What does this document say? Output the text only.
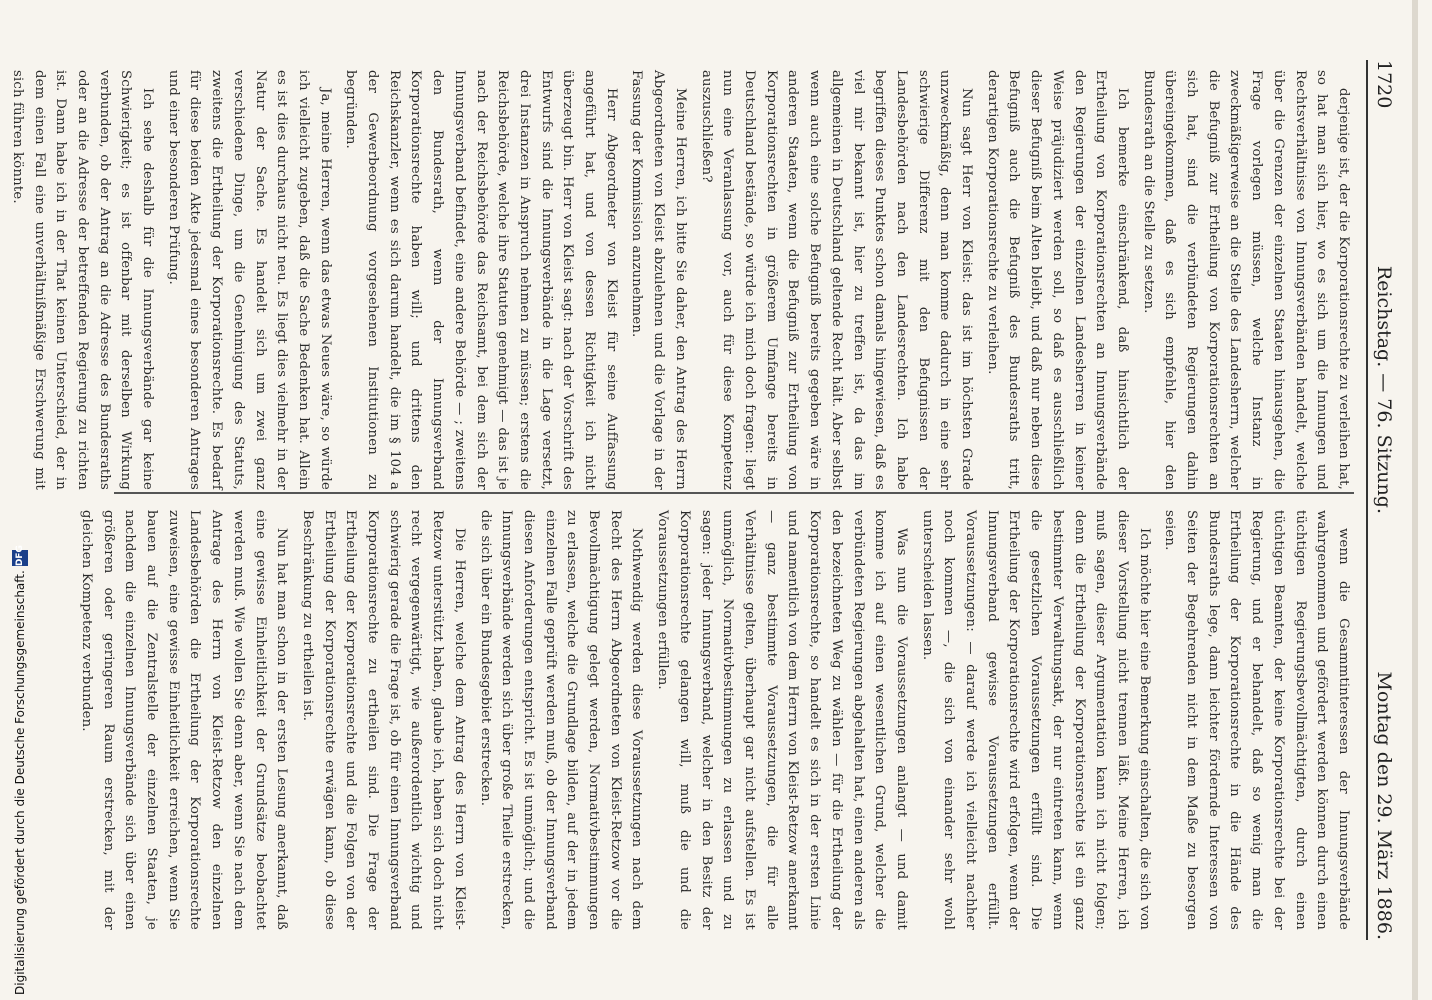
1720
Reichstag. — 76. Sitzung.
Montag den 29. März 1886.

derjenige ist, der die Korporationsrechte zu verleihen hat, so hat man sich hier, wo es sich um die Innungen und Rechtsverhältnisse von Innungsverbänden handelt, welche über die Grenzen der einzelnen Staaten hinausgehen, die Frage vorlegen müssen, welche Instanz in zweckmäßigerweise an die Stelle des Landesherrn, welcher die Befugniß zur Ertheilung von Korporationsrechten an sich hat, sind die verbündeten Regierungen dahin übereingekommen, daß es sich empfehle, hier den Bundesrath an die Stelle zu setzen.

Ich bemerke einschränkend, daß hinsichtlich der Ertheilung von Korporationsrechten an Innungsverbände den Regierungen der einzelnen Landesherren in keiner Weise präjudiziert werden soll, so daß es ausschließlich dieser Befugniß beim Alten bleibt, und daß nur neben diese Befugniß auch die Befugniß des Bundesraths tritt, derartigen Korporationsrechte zu verleihen.

Nun sagt Herr von Kleist: das ist im höchsten Grade unzweckmäßig, denn man komme dadurch in eine sehr schwierige Differenz mit den Befugnissen der Landesbehörden nach den Landesrechten. Ich habe begriffen dieses Punktes schon damals hingewiesen, daß es viel mir bekannt ist, hier zu treffen ist, da das im allgemeinen in Deutschland geltende Recht hält. Aber selbst wenn auch eine solche Befugniß bereits gegeben wäre in anderen Staaten, wenn die Befugniß zur Ertheilung von Korporationsrechten in größerem Umfange bereits in Deutschland bestände, so würde ich mich doch fragen: liegt nun eine Veranlassung vor, auch für diese Kompetenz auszuschließen?

Meine Herren, ich bitte Sie daher, den Antrag des Herrn Abgeordneten von Kleist abzulehnen und die Vorlage in der Fassung der Kommission anzunehmen.

Herr Abgeordneter von Kleist für seine Auffassung angeführt hat, und von dessen Richtigkeit ich nicht überzeugt bin. Herr von Kleist sagt: nach der Vorschrift des Entwurfs sind die Innungsverbände in die Lage versetzt, drei Instanzen in Anspruch nehmen zu müssen; erstens die Reichsbehörde, welche ihre Statuten genehmigt — das ist je nach der Reichsbehörde das Reichsamt, bei dem sich der Innungsverband befindet, eine andere Behörde — ; zweitens den Bundesrath, wenn der Innungsverband Korporationsrechte haben will; und drittens den Reichskanzler, wenn es sich darum handelt, die im § 104 a der Gewerbeordnung vorgesehenen Institutionen zu begründen.

Ja, meine Herren, wenn das etwas Neues wäre, so würde ich vielleicht zugeben, daß die Sache Bedenken hat. Allein es ist dies durchaus nicht neu. Es liegt dies vielmehr in der Natur der Sache. Es handelt sich um zwei ganz verschiedene Dinge, um die Genehmigung des Statuts, zweitens die Ertheilung der Korporationsrechte. Es bedarf für diese beiden Akte jedesmal eines besonderen Antrages und einer besonderen Prüfung.

Ich sehe deshalb für die Innungsverbände gar keine Schwierigkeit; es ist offenbar mit derselben Wirkung verbunden, ob der Antrag an die Adresse des Bundesraths oder an die Adresse der betreffenden Regierung zu richten ist. Dann habe ich in der That keinen Unterschied, der in dem einen Fall eine unverhältnißmäßige Erschwerung mit sich führen könnte.

wenn die Gesammtinteressen der Innungsverbände wahrgenommen und gefördert werden können durch einen tüchtigen Regierungsbevollmächtigten, durch einen tüchtigen Beamten, der keine Korporationsrechte bei der Regierung, und er behandelt, daß so wenig man die Ertheilung der Korporationsrechte in die Hände des Bundesraths lege, dann leichter fördernde Interessen von Seiten der Begehrenden nicht in dem Maße zu besorgen seien.

Ich möchte hier eine Bemerkung einschalten, die sich von dieser Vorstellung nicht trennen läßt. Meine Herren, ich muß sagen, dieser Argumentation kann ich nicht folgen; denn die Ertheilung der Korporationsrechte ist ein ganz bestimmter Verwaltungsakt, der nur eintreten kann, wenn die gesetzlichen Voraussetzungen erfüllt sind. Die Ertheilung der Korporationsrechte wird erfolgen, wenn der Innungsverband gewisse Voraussetzungen erfüllt. Voraussetzungen: — darauf werde ich vielleicht nachher noch kommen —, die sich von einander sehr wohl unterscheiden lassen.

Was nun die Voraussetzungen anlangt — und damit komme ich auf einen wesentlichen Grund, welcher die verbündeten Regierungen abgehalten hat, einen anderen als den bezeichneten Weg zu wählen — für die Ertheilung der Korporationsrechte, so handelt es sich in der ersten Linie und namentlich von dem Herrn von Kleist-Retzow anerkannt — ganz bestimmte Voraussetzungen, die für alle Verhältnisse gelten, überhaupt gar nicht aufstellen. Es ist unmöglich, Normativbestimmungen zu erlassen und zu sagen: jeder Innungsverband, welcher in den Besitz der Korporationsrechte gelangen will, muß die und die Voraussetzungen erfüllen.

Nothwendig werden diese Voraussetzungen nach dem Recht des Herrn Abgeordneten von Kleist-Retzow vor die Bevollmächtigung gelegt werden, Normativbestimmungen zu erlassen, welche die Grundlage bilden, auf der in jedem einzelnen Falle geprüft werden muß, ob der Innungsverband diesen Anforderungen entspricht. Es ist unmöglich; und die Innungsverbände werden sich über große Theile erstrecken, die sich über ein Bundesgebiet erstrecken.

Die Herren, welche dem Antrag des Herrn von Kleist-Retzow unterstützt haben, glaube ich, haben sich doch nicht recht vergegenwärtigt, wie außerordentlich wichtig und schwierig gerade die Frage ist, ob für einen Innungsverband Korporationsrechte zu ertheilen sind. Die Frage der Ertheilung der Korporationsrechte und die Folgen von der Ertheilung der Korporationsrechte erwägen kann, ob diese Beschränkung zu ertheilen ist.

Nun hat man schon in der ersten Lesung anerkannt, daß eine gewisse Einheitlichkeit der Grundsätze beobachtet werden muß. Wie wollen Sie denn aber, wenn Sie nach dem Antrage des Herrn von Kleist-Retzow den einzelnen Landesbehörden die Ertheilung der Korporationsrechte zuweisen, eine gewisse Einheitlichkeit erreichen, wenn Sie bauen auf die Zentralstelle der einzelnen Staaten, je nachdem die einzelnen Innungsverbände sich über einen größeren oder geringeren Raum erstrecken, mit der gleichen Kompetenz verbunden.

Digitalisierung gefördert durch die Deutsche Forschungsgemeinschaft.
DFG
